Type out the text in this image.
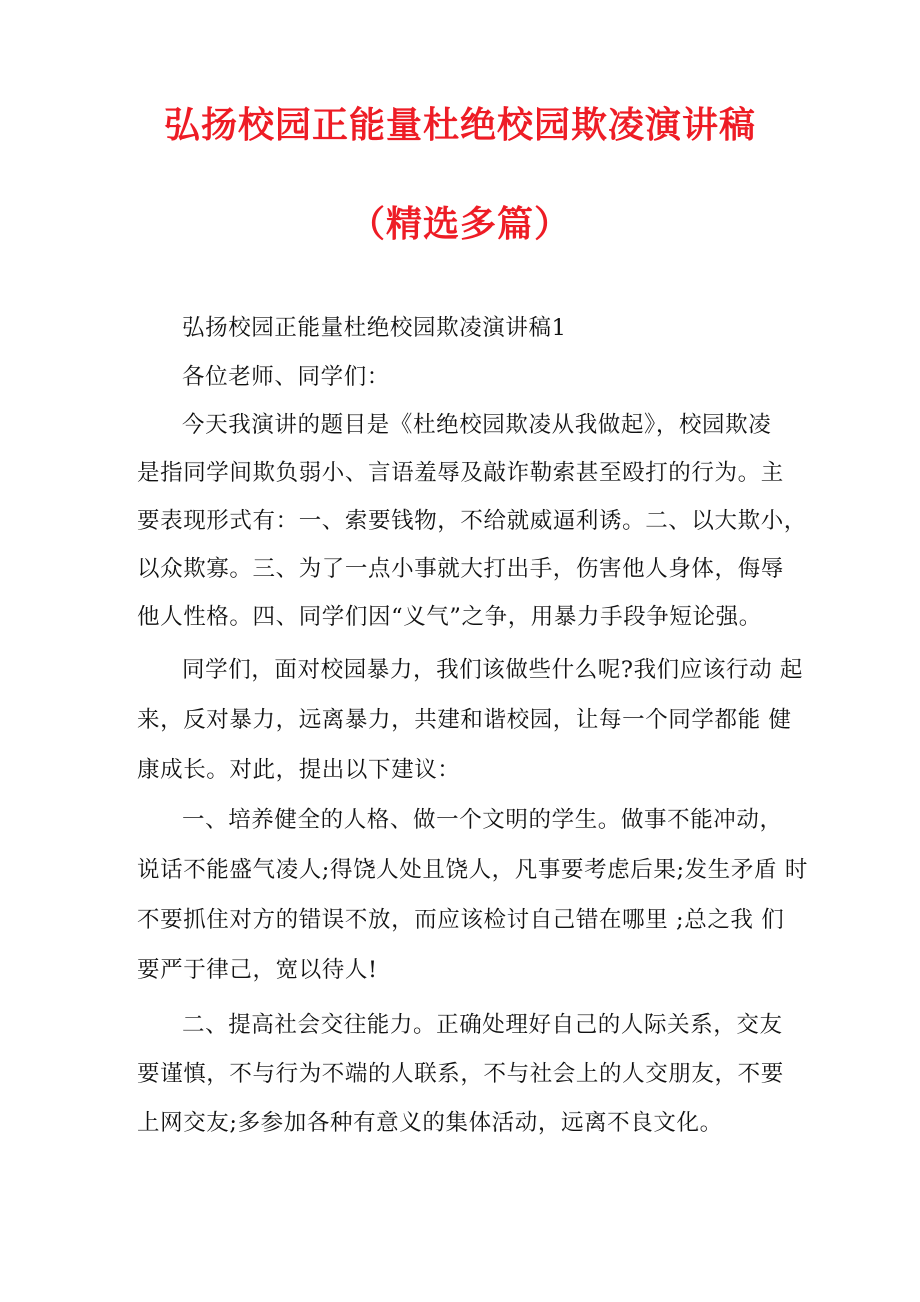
弘扬校园正能量杜绝校园欺凌演讲稿
（精选多篇）

弘扬校园正能量杜绝校园欺凌演讲稿1

各位老师、同学们：

今天我演讲的题目是《杜绝校园欺凌从我做起》，校园欺凌

是指同学间欺负弱小、言语羞辱及敲诈勒索甚至殴打的行为。主

要表现形式有：一、索要钱物，不给就威逼利诱。二、以大欺小，

以众欺寡。三、为了一点小事就大打出手，伤害他人身体，侮辱

他人性格。四、同学们因“义气”之争，用暴力手段争短论强。

同学们，面对校园暴力，我们该做些什么呢?我们应该行动 起

来，反对暴力，远离暴力，共建和谐校园，让每一个同学都能 健

康成长。对此，提出以下建议：

一、培养健全的人格、做一个文明的学生。做事不能冲动，

说话不能盛气凌人;得饶人处且饶人，凡事要考虑后果;发生矛盾 时

不要抓住对方的错误不放，而应该检讨自己错在哪里 ;总之我 们

要严于律己，宽以待人!

二、提高社会交往能力。正确处理好自己的人际关系，交友

要谨慎，不与行为不端的人联系，不与社会上的人交朋友，不要

上网交友;多参加各种有意义的集体活动，远离不良文化。
